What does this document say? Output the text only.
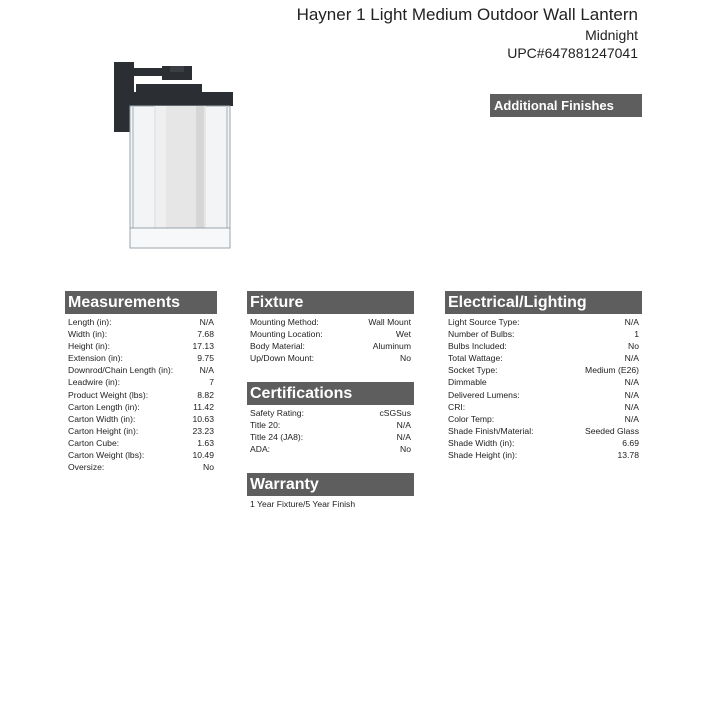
Hayner 1 Light Medium Outdoor Wall Lantern
Midnight
UPC#647881247041
Additional Finishes
Measurements
Length (in):	N/A
Width (in):	7.68
Height (in):	17.13
Extension (in):	9.75
Downrod/Chain Length (in):	N/A
Leadwire (in):	7
Product Weight (lbs):	8.82
Carton Length (in):	11.42
Carton Width (in):	10.63
Carton Height (in):	23.23
Carton Cube:	1.63
Carton Weight (lbs):	10.49
Oversize:	No
Fixture
Mounting Method:	Wall Mount
Mounting Location:	Wet
Body Material:	Aluminum
Up/Down Mount:	No
Certifications
Safety Rating:	cSGSus
Title 20:	N/A
Title 24 (JA8):	N/A
ADA:	No
Warranty
1 Year Fixture/5 Year Finish
Electrical/Lighting
Light Source Type:	N/A
Number of Bulbs:	1
Bulbs Included:	No
Total Wattage:	N/A
Socket Type:	Medium (E26)
Dimmable	N/A
Delivered Lumens:	N/A
CRI:	N/A
Color Temp:	N/A
Shade Finish/Material:	Seeded Glass
Shade Width (in):	6.69
Shade Height (in):	13.78
